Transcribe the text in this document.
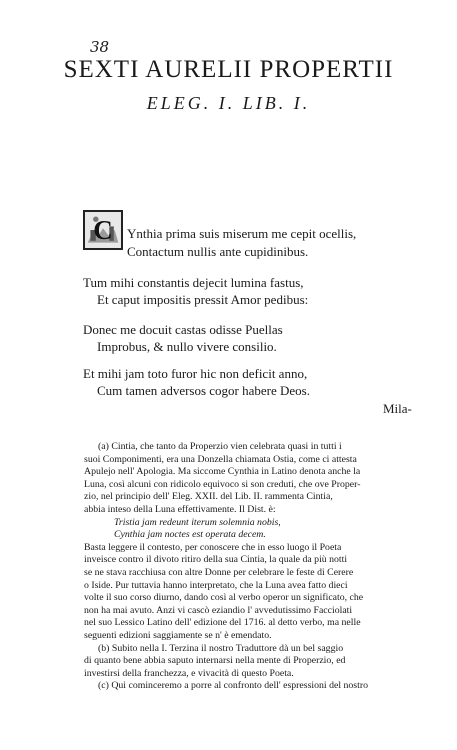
38
SEXTI AURELII PROPERTII
ELEG. I. LIB. I.
C Ynthia prima suis miserum me cepit ocellis,
Contactum nullis ante cupidinibus.
Tum mihi constantis dejecit lumina fastus,
Et caput impositis pressit Amor pedibus:
Donec me docuit castas odisse Puellas
Improbus, & nullo vivere consilio.
Et mihi jam toto furor hic non deficit anno,
Cum tamen adversos cogor habere Deos.
Mila-
(a) Cintia, che tanto da Properzio vien celebrata quasi in tutti i
suoi Componimenti, era una Donzella chiamata Ostia, come ci attesta
Apulejo nell' Apologia. Ma siccome Cynthia in Latino denota anche la
Luna, così alcuni con ridicolo equivoco si son creduti, che ove Proper-
zio, nel principio dell' Eleg. XXII. del Lib. II. rammenta Cintia,
abbia inteso della Luna effettivamente. Il Dist. è:
Tristia jam redeunt iterum solemnia nobis,
Cynthia jam noctes est operata decem.
Basta leggere il contesto, per conoscere che in esso luogo il Poeta
inveisce contro il divoto ritiro della sua Cintia, la quale da più notti
se ne stava racchiusa con altre Donne per celebrare le feste di Cerere
o Iside. Pur tuttavia hanno interpretato, che la Luna avea fatto dieci
volte il suo corso diurno, dando così al verbo operor un significato, che
non ha mai avuto. Anzi vi cascò eziandio l' avvedutissimo Facciolati
nel suo Lessico Latino dell' edizione del 1716. al detto verbo, ma nelle
seguenti edizioni saggiamente se n' è emendato.
(b) Subito nella I. Terzina il nostro Traduttore dà un bel saggio
di quanto bene abbia saputo internarsi nella mente di Properzio, ed
investirsi della franchezza, e vivacità di questo Poeta.
(c) Qui cominceremo a porre al confronto dell' espressioni del nostro
